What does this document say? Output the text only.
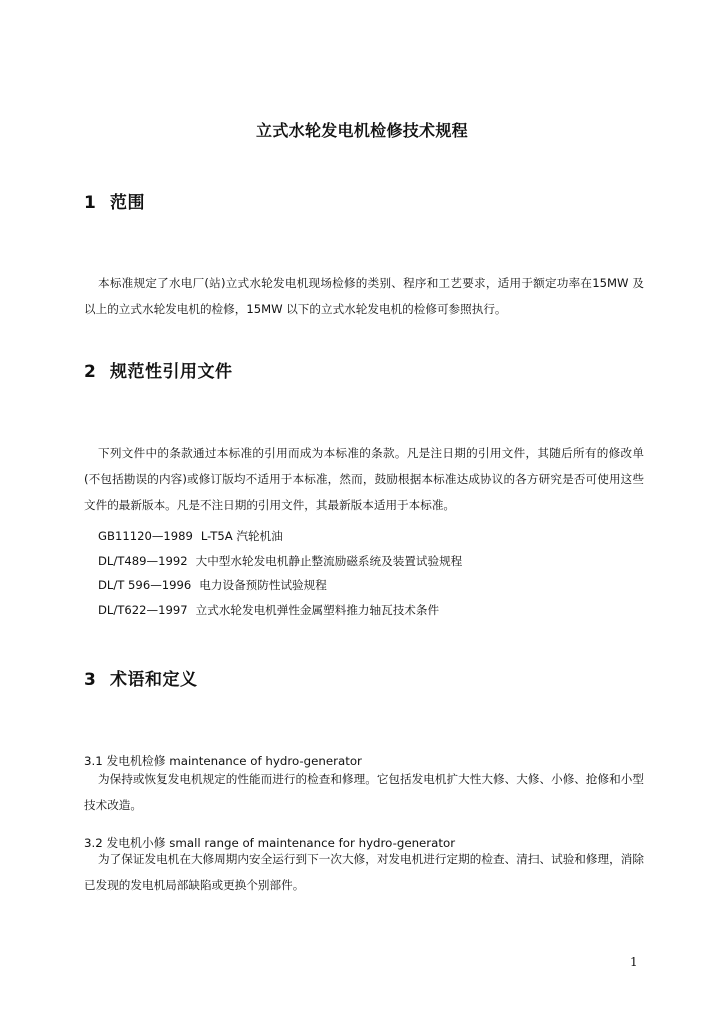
立式水轮发电机检修技术规程
1 范围
本标准规定了水电厂(站)立式水轮发电机现场检修的类别、程序和工艺要求，适用于额定功率在15MW 及以上的立式水轮发电机的检修，15MW 以下的立式水轮发电机的检修可参照执行。
2 规范性引用文件
下列文件中的条款通过本标准的引用而成为本标准的条款。凡是注日期的引用文件，其随后所有的修改单(不包括勘误的内容)或修订版均不适用于本标准，然而，鼓励根据本标准达成协议的各方研究是否可使用这些文件的最新版本。凡是不注日期的引用文件，其最新版本适用于本标准。
GB11120—1989 L-T5A 汽轮机油
DL/T489—1992 大中型水轮发电机静止整流励磁系统及装置试验规程
DL/T 596—1996 电力设备预防性试验规程
DL/T622—1997 立式水轮发电机弹性金属塑料推力轴瓦技术条件
3 术语和定义
3.1 发电机检修 maintenance of hydro-generator
为保持或恢复发电机规定的性能而进行的检查和修理。它包括发电机扩大性大修、大修、小修、抢修和小型技术改造。
3.2 发电机小修 small range of maintenance for hydro-generator
为了保证发电机在大修周期内安全运行到下一次大修，对发电机进行定期的检查、清扫、试验和修理，消除已发现的发电机局部缺陷或更换个别部件。
1
